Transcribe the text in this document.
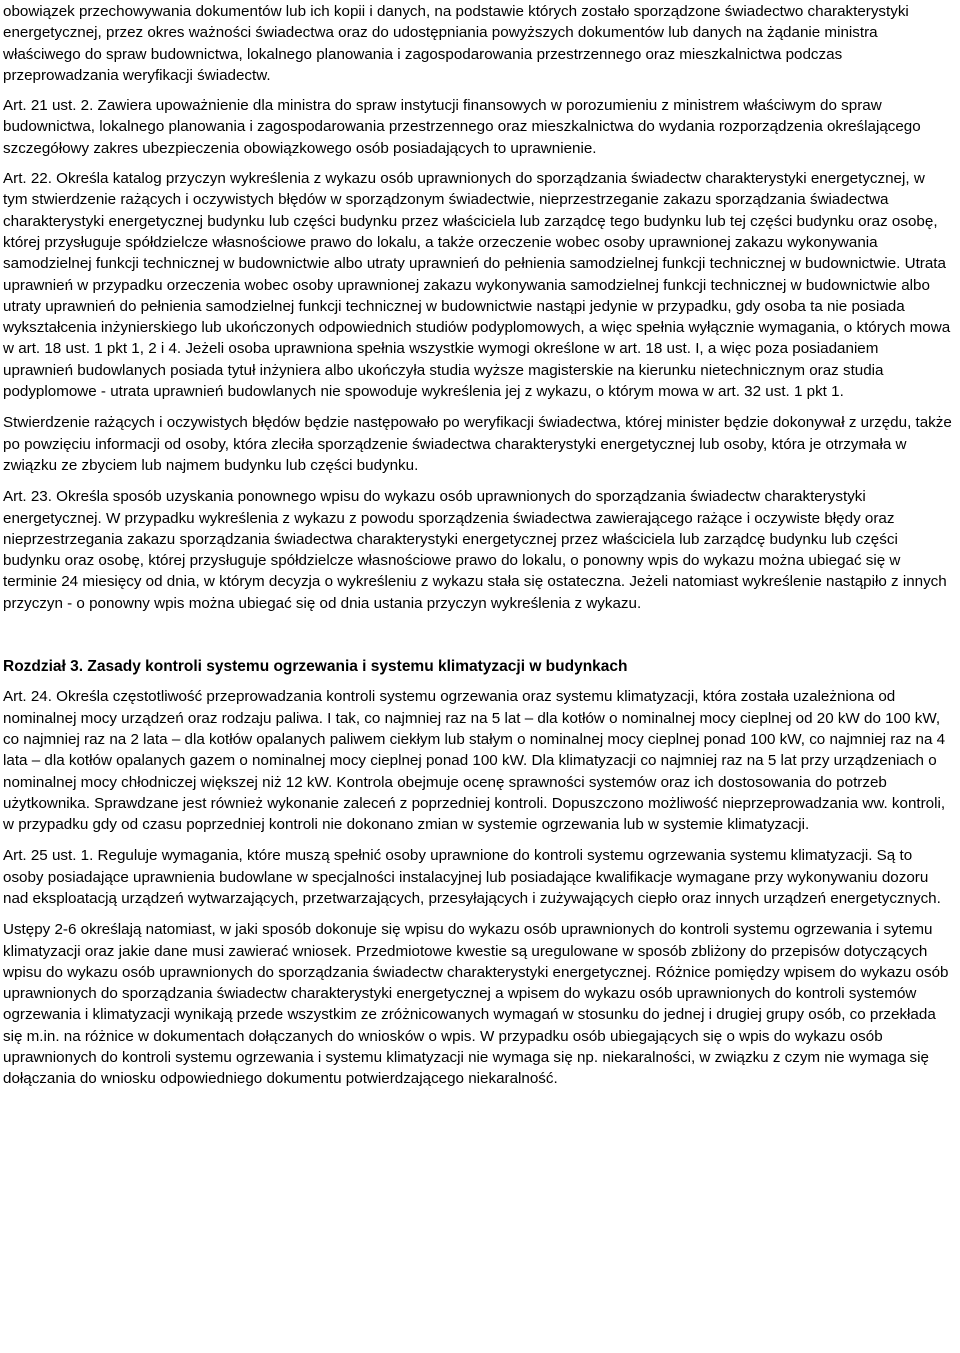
obowiązek przechowywania dokumentów lub ich kopii i danych, na podstawie których zostało sporządzone świadectwo charakterystyki energetycznej, przez okres ważności świadectwa oraz do udostępniania powyższych dokumentów lub danych na żądanie ministra właściwego do spraw budownictwa, lokalnego planowania i zagospodarowania przestrzennego oraz mieszkalnictwa podczas przeprowadzania weryfikacji świadectw.

Art. 21 ust. 2. Zawiera upoważnienie dla ministra do spraw instytucji finansowych w porozumieniu z ministrem właściwym do spraw budownictwa, lokalnego planowania i zagospodarowania przestrzennego oraz mieszkalnictwa do wydania rozporządzenia określającego szczegółowy zakres ubezpieczenia obowiązkowego osób posiadających to uprawnienie.

Art. 22. Określa katalog przyczyn wykreślenia z wykazu osób uprawnionych do sporządzania świadectw charakterystyki energetycznej, w tym stwierdzenie rażących i oczywistych błędów w sporządzonym świadectwie, nieprzestrzeganie zakazu sporządzania świadectwa charakterystyki energetycznej budynku lub części budynku przez właściciela lub zarządcę tego budynku lub tej części budynku oraz osobę, której przysługuje spółdzielcze własnościowe prawo do lokalu, a także orzeczenie wobec osoby uprawnionej zakazu wykonywania samodzielnej funkcji technicznej w budownictwie albo utraty uprawnień do pełnienia samodzielnej funkcji technicznej w budownictwie. Utrata uprawnień w przypadku orzeczenia wobec osoby uprawnionej zakazu wykonywania samodzielnej funkcji technicznej w budownictwie albo utraty uprawnień do pełnienia samodzielnej funkcji technicznej w budownictwie nastąpi jedynie w przypadku, gdy osoba ta nie posiada wykształcenia inżynierskiego lub ukończonych odpowiednich studiów podyplomowych, a więc spełnia wyłącznie wymagania, o których mowa w art. 18 ust. 1 pkt 1, 2 i 4. Jeżeli osoba uprawniona spełnia wszystkie wymogi określone w art. 18 ust. I, a więc poza posiadaniem uprawnień budowlanych posiada tytuł inżyniera albo ukończyła studia wyższe magisterskie na kierunku nietechnicznym oraz studia podyplomowe - utrata uprawnień budowlanych nie spowoduje wykreślenia jej z wykazu, o którym mowa w art. 32 ust. 1 pkt 1.

Stwierdzenie rażących i oczywistych błędów będzie następowało po weryfikacji świadectwa, której minister będzie dokonywał z urzędu, także po powzięciu informacji od osoby, która zleciła sporządzenie świadectwa charakterystyki energetycznej lub osoby, która je otrzymała w związku ze zbyciem lub najmem budynku lub części budynku.

Art. 23. Określa sposób uzyskania ponownego wpisu do wykazu osób uprawnionych do sporządzania świadectw charakterystyki energetycznej. W przypadku wykreślenia z wykazu z powodu sporządzenia świadectwa zawierającego rażące i oczywiste błędy oraz nieprzestrzegania zakazu sporządzania świadectwa charakterystyki energetycznej przez właściciela lub zarządcę budynku lub części budynku oraz osobę, której przysługuje spółdzielcze własnościowe prawo do lokalu, o ponowny wpis do wykazu można ubiegać się w terminie 24 miesięcy od dnia, w którym decyzja o wykreśleniu z wykazu stała się ostateczna. Jeżeli natomiast wykreślenie nastąpiło z innych przyczyn - o ponowny wpis można ubiegać się od dnia ustania przyczyn wykreślenia z wykazu.

Rozdział 3. Zasady kontroli systemu ogrzewania i systemu klimatyzacji w budynkach

Art. 24. Określa częstotliwość przeprowadzania kontroli systemu ogrzewania oraz systemu klimatyzacji, która została uzależniona od nominalnej mocy urządzeń oraz rodzaju paliwa. I tak, co najmniej raz na 5 lat – dla kotłów o nominalnej mocy cieplnej od 20 kW do 100 kW, co najmniej raz na 2 lata – dla kotłów opalanych paliwem ciekłym lub stałym o nominalnej mocy cieplnej ponad 100 kW, co najmniej raz na 4 lata – dla kotłów opalanych gazem o nominalnej mocy cieplnej ponad 100 kW. Dla klimatyzacji co najmniej raz na 5 lat przy urządzeniach o nominalnej mocy chłodniczej większej niż 12 kW. Kontrola obejmuje ocenę sprawności systemów oraz ich dostosowania do potrzeb użytkownika. Sprawdzane jest również wykonanie zaleceń z poprzedniej kontroli. Dopuszczono możliwość nieprzeprowadzania ww. kontroli, w przypadku gdy od czasu poprzedniej kontroli nie dokonano zmian w systemie ogrzewania lub w systemie klimatyzacji.

Art. 25 ust. 1. Reguluje wymagania, które muszą spełnić osoby uprawnione do kontroli systemu ogrzewania systemu klimatyzacji. Są to osoby posiadające uprawnienia budowlane w specjalności instalacyjnej lub posiadające kwalifikacje wymagane przy wykonywaniu dozoru nad eksploatacją urządzeń wytwarzających, przetwarzających, przesyłających i zużywających ciepło oraz innych urządzeń energetycznych.

Ustępy 2-6 określają natomiast, w jaki sposób dokonuje się wpisu do wykazu osób uprawnionych do kontroli systemu ogrzewania i sytemu klimatyzacji oraz jakie dane musi zawierać wniosek. Przedmiotowe kwestie są uregulowane w sposób zbliżony do przepisów dotyczących wpisu do wykazu osób uprawnionych do sporządzania świadectw charakterystyki energetycznej. Różnice pomiędzy wpisem do wykazu osób uprawnionych do sporządzania świadectw charakterystyki energetycznej a wpisem do wykazu osób uprawnionych do kontroli systemów ogrzewania i klimatyzacji wynikają przede wszystkim ze zróżnicowanych wymagań w stosunku do jednej i drugiej grupy osób, co przekłada się m.in. na różnice w dokumentach dołączanych do wniosków o wpis. W przypadku osób ubiegających się o wpis do wykazu osób uprawnionych do kontroli systemu ogrzewania i systemu klimatyzacji nie wymaga się np. niekaralności, w związku z czym nie wymaga się dołączania do wniosku odpowiedniego dokumentu potwierdzającego niekaralność.
